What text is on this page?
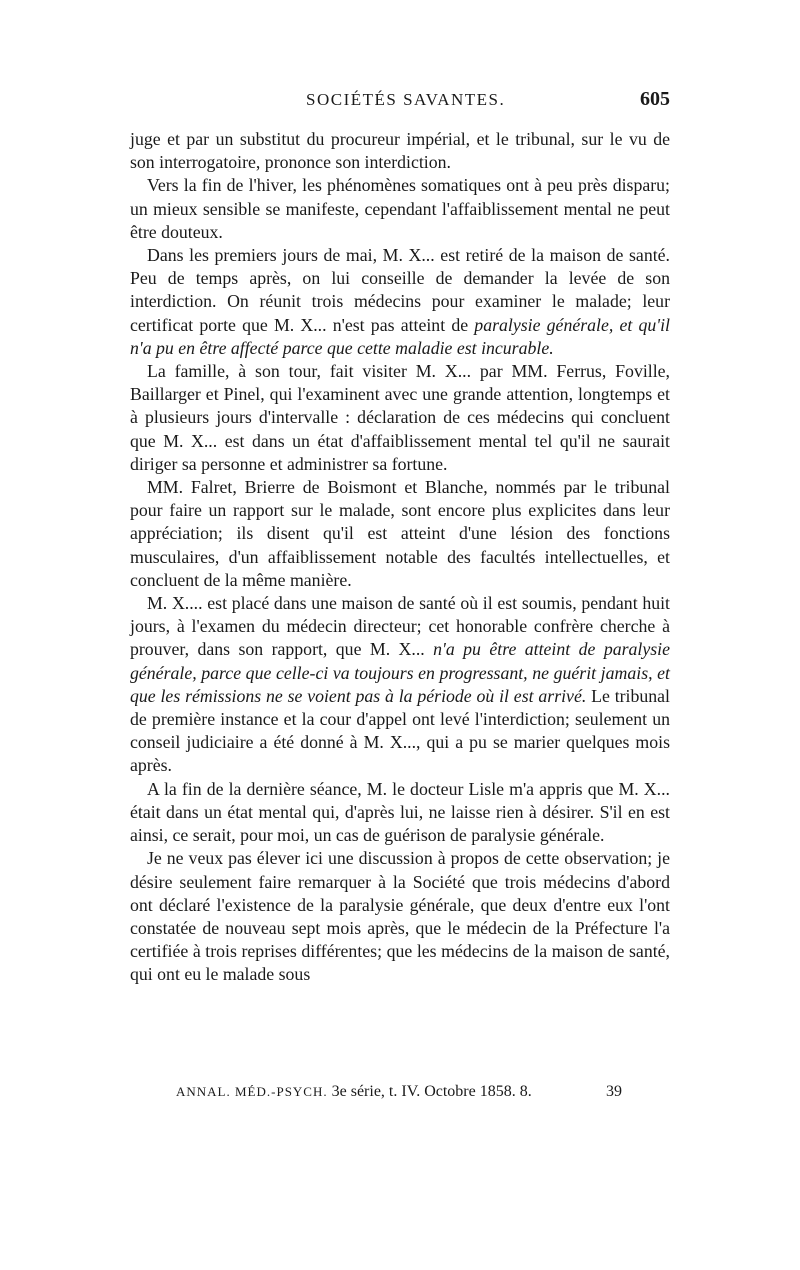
SOCIÉTÉS SAVANTES.	605

juge et par un substitut du procureur impérial, et le tribunal, sur le vu de son interrogatoire, prononce son interdiction.

Vers la fin de l'hiver, les phénomènes somatiques ont à peu près disparu; un mieux sensible se manifeste, cependant l'affaiblissement mental ne peut être douteux.

Dans les premiers jours de mai, M. X... est retiré de la maison de santé. Peu de temps après, on lui conseille de demander la levée de son interdiction. On réunit trois médecins pour examiner le malade; leur certificat porte que M. X... n'est pas atteint de paralysie générale, et qu'il n'a pu en être affecté parce que cette maladie est incurable.

La famille, à son tour, fait visiter M. X... par MM. Ferrus, Foville, Baillarger et Pinel, qui l'examinent avec une grande attention, longtemps et à plusieurs jours d'intervalle : déclaration de ces médecins qui concluent que M. X... est dans un état d'affaiblissement mental tel qu'il ne saurait diriger sa personne et administrer sa fortune.

MM. Falret, Brierre de Boismont et Blanche, nommés par le tribunal pour faire un rapport sur le malade, sont encore plus explicites dans leur appréciation; ils disent qu'il est atteint d'une lésion des fonctions musculaires, d'un affaiblissement notable des facultés intellectuelles, et concluent de la même manière.

M. X.... est placé dans une maison de santé où il est soumis, pendant huit jours, à l'examen du médecin directeur; cet honorable confrère cherche à prouver, dans son rapport, que M. X... n'a pu être atteint de paralysie générale, parce que celle-ci va toujours en progressant, ne guérit jamais, et que les rémissions ne se voient pas à la période où il est arrivé. Le tribunal de première instance et la cour d'appel ont levé l'interdiction; seulement un conseil judiciaire a été donné à M. X..., qui a pu se marier quelques mois après.

A la fin de la dernière séance, M. le docteur Lisle m'a appris que M. X... était dans un état mental qui, d'après lui, ne laisse rien à désirer. S'il en est ainsi, ce serait, pour moi, un cas de guérison de paralysie générale.

Je ne veux pas élever ici une discussion à propos de cette observation; je désire seulement faire remarquer à la Société que trois médecins d'abord ont déclaré l'existence de la paralysie générale, que deux d'entre eux l'ont constatée de nouveau sept mois après, que le médecin de la Préfecture l'a certifiée à trois reprises différentes; que les médecins de la maison de santé, qui ont eu le malade sous

ANNAL. MÉD.-PSYCH. 3e série, t. IV. Octobre 1858. 8.	39
